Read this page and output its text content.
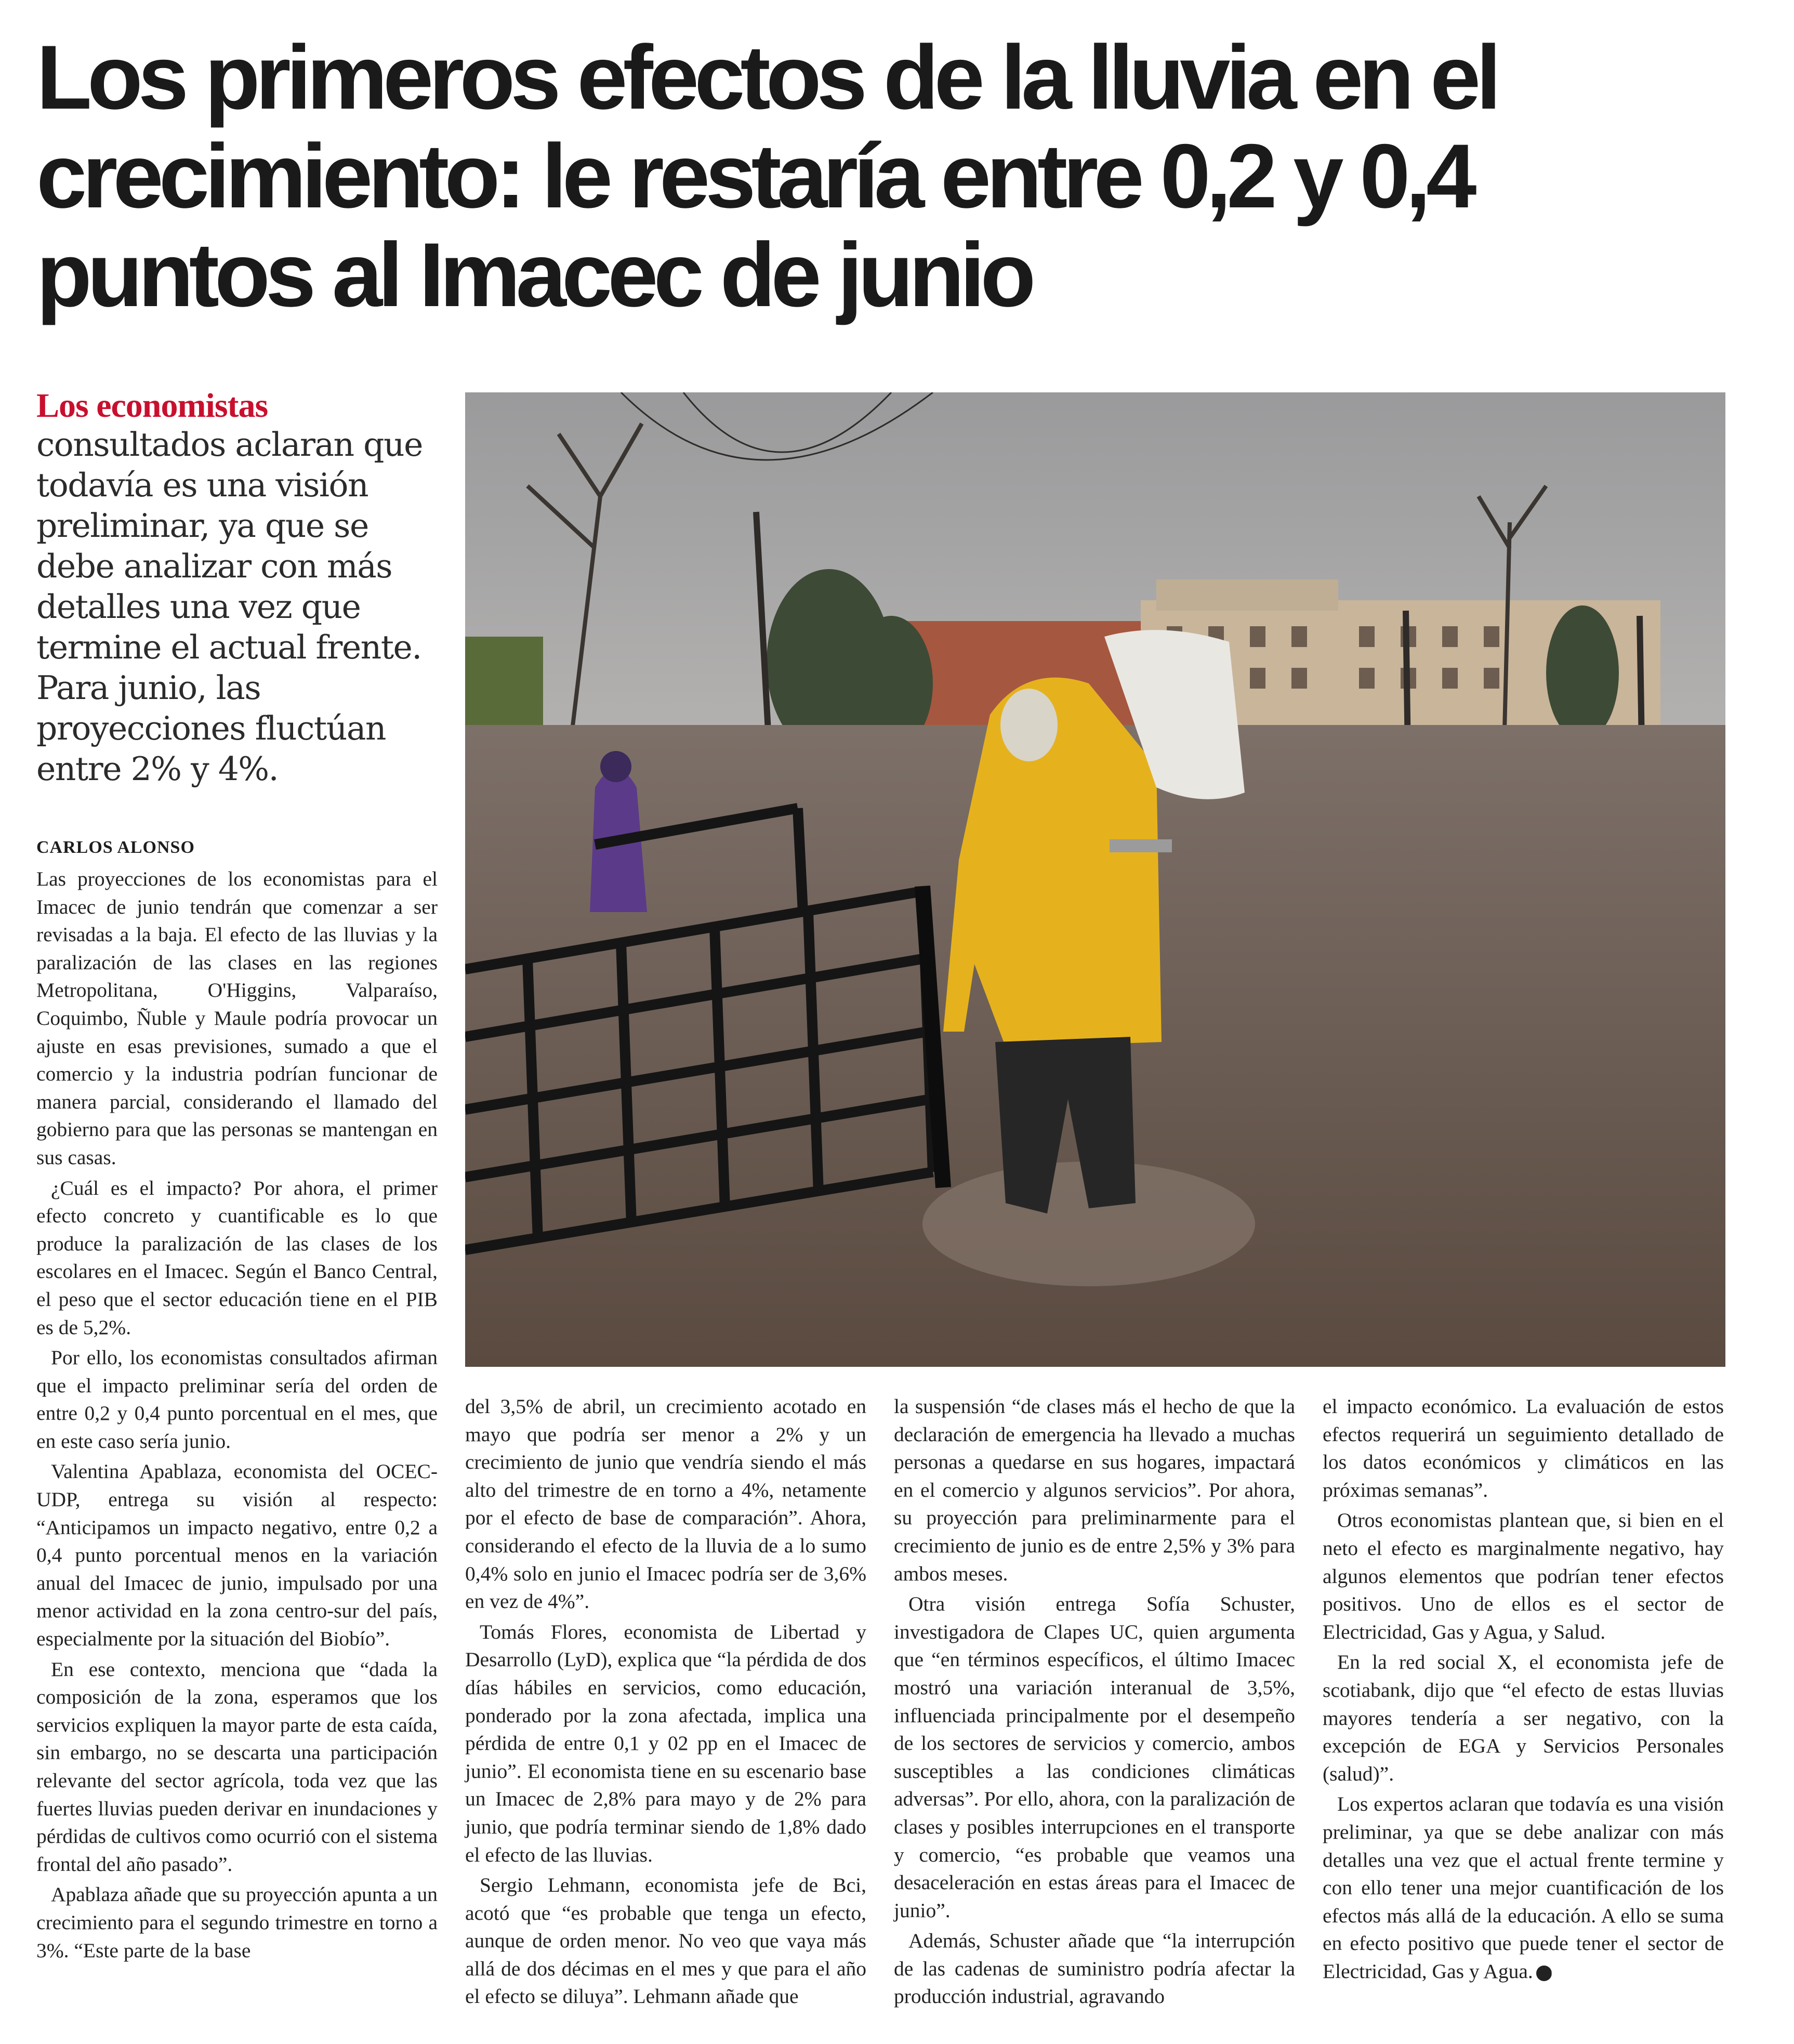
Los primeros efectos de la lluvia en el crecimiento: le restaría entre 0,2 y 0,4 puntos al Imacec de junio
Los economistas
consultados aclaran que todavía es una visión preliminar, ya que se debe analizar con más detalles una vez que termine el actual frente. Para junio, las proyecciones fluctúan entre 2% y 4%.
CARLOS ALONSO

Las proyecciones de los economistas para el Imacec de junio tendrán que comenzar a ser revisadas a la baja. El efecto de las lluvias y la paralización de las clases en las regiones Metropolitana, O'Higgins, Valparaíso, Coquimbo, Ñuble y Maule podría provocar un ajuste en esas previsiones, sumado a que el comercio y la industria podrían funcionar de manera parcial, considerando el llamado del gobierno para que las personas se mantengan en sus casas.

¿Cuál es el impacto? Por ahora, el primer efecto concreto y cuantificable es lo que produce la paralización de las clases de los escolares en el Imacec. Según el Banco Central, el peso que el sector educación tiene en el PIB es de 5,2%.

Por ello, los economistas consultados afirman que el impacto preliminar sería del orden de entre 0,2 y 0,4 punto porcentual en el mes, que en este caso sería junio.

Valentina Apablaza, economista del OCEC-UDP, entrega su visión al respecto: “Anticipamos un impacto negativo, entre 0,2 a 0,4 punto porcentual menos en la variación anual del Imacec de junio, impulsado por una menor actividad en la zona centro-sur del país, especialmente por la situación del Biobío”.

En ese contexto, menciona que “dada la composición de la zona, esperamos que los servicios expliquen la mayor parte de esta caída, sin embargo, no se descarta una participación relevante del sector agrícola, toda vez que las fuertes lluvias pueden derivar en inundaciones y pérdidas de cultivos como ocurrió con el sistema frontal del año pasado”.

Apablaza añade que su proyección apunta a un crecimiento para el segundo trimestre en torno a 3%. “Este parte de la base

del 3,5% de abril, un crecimiento acotado en mayo que podría ser menor a 2% y un crecimiento de junio que vendría siendo el más alto del trimestre de en torno a 4%, netamente por el efecto de base de comparación”. Ahora, considerando el efecto de la lluvia de a lo sumo 0,4% solo en junio el Imacec podría ser de 3,6% en vez de 4%”.

Tomás Flores, economista de Libertad y Desarrollo (LyD), explica que “la pérdida de dos días hábiles en servicios, como educación, ponderado por la zona afectada, implica una pérdida de entre 0,1 y 02 pp en el Imacec de junio”. El economista tiene en su escenario base un Imacec de 2,8% para mayo y de 2% para junio, que podría terminar siendo de 1,8% dado el efecto de las lluvias.

Sergio Lehmann, economista jefe de Bci, acotó que “es probable que tenga un efecto, aunque de orden menor. No veo que vaya más allá de dos décimas en el mes y que para el año el efecto se diluya”. Lehmann añade que

la suspensión “de clases más el hecho de que la declaración de emergencia ha llevado a muchas personas a quedarse en sus hogares, impactará en el comercio y algunos servicios”. Por ahora, su proyección para preliminarmente para el crecimiento de junio es de entre 2,5% y 3% para ambos meses.

Otra visión entrega Sofía Schuster, investigadora de Clapes UC, quien argumenta que “en términos específicos, el último Imacec mostró una variación interanual de 3,5%, influenciada principalmente por el desempeño de los sectores de servicios y comercio, ambos susceptibles a las condiciones climáticas adversas”. Por ello, ahora, con la paralización de clases y posibles interrupciones en el transporte y comercio, “es probable que veamos una desaceleración en estas áreas para el Imacec de junio”.

Además, Schuster añade que “la interrupción de las cadenas de suministro podría afectar la producción industrial, agravando

el impacto económico. La evaluación de estos efectos requerirá un seguimiento detallado de los datos económicos y climáticos en las próximas semanas”.

Otros economistas plantean que, si bien en el neto el efecto es marginalmente negativo, hay algunos elementos que podrían tener efectos positivos. Uno de ellos es el sector de Electricidad, Gas y Agua, y Salud.

En la red social X, el economista jefe de scotiabank, dijo que “el efecto de estas lluvias mayores tendería a ser negativo, con la excepción de EGA y Servicios Personales (salud)”.

Los expertos aclaran que todavía es una visión preliminar, ya que se debe analizar con más detalles una vez que el actual frente termine y con ello tener una mejor cuantificación de los efectos más allá de la educación. A ello se suma en efecto positivo que puede tener el sector de Electricidad, Gas y Agua. P
